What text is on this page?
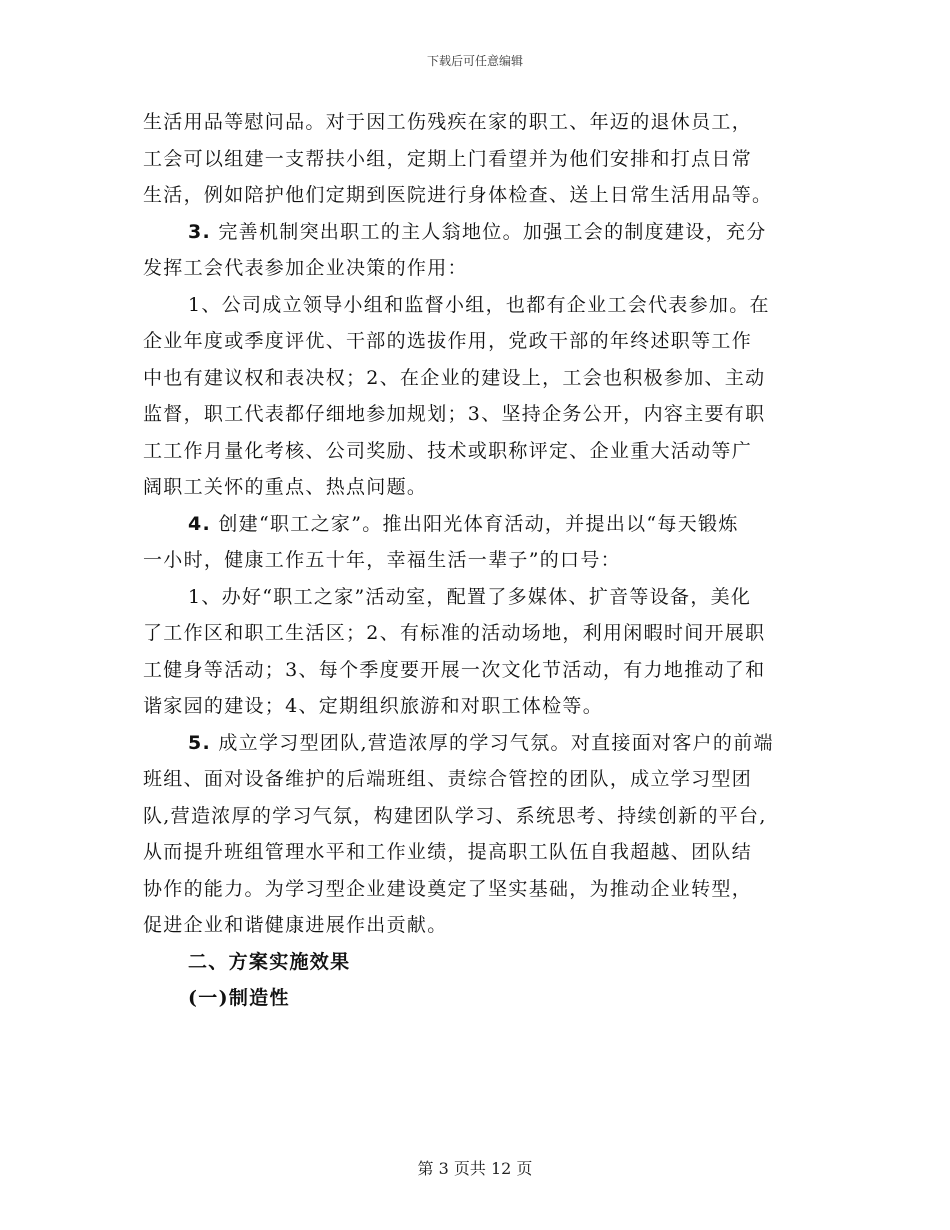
下载后可任意编辑
生活用品等慰问品。对于因工伤残疾在家的职工、年迈的退休员工，
工会可以组建一支帮扶小组，定期上门看望并为他们安排和打点日常
生活，例如陪护他们定期到医院进行身体检查、送上日常生活用品等。
3. 完善机制突出职工的主人翁地位。加强工会的制度建设，充分
发挥工会代表参加企业决策的作用：
1、公司成立领导小组和监督小组，也都有企业工会代表参加。在
企业年度或季度评优、干部的选拔作用，党政干部的年终述职等工作
中也有建议权和表决权；2、在企业的建设上，工会也积极参加、主动
监督，职工代表都仔细地参加规划；3、坚持企务公开，内容主要有职
工工作月量化考核、公司奖励、技术或职称评定、企业重大活动等广
阔职工关怀的重点、热点问题。
4. 创建“职工之家”。推出阳光体育活动，并提出以“每天锻炼
一小时，健康工作五十年，幸福生活一辈子”的口号：
1、办好“职工之家”活动室，配置了多媒体、扩音等设备，美化
了工作区和职工生活区；2、有标准的活动场地，利用闲暇时间开展职
工健身等活动；3、每个季度要开展一次文化节活动，有力地推动了和
谐家园的建设；4、定期组织旅游和对职工体检等。
5. 成立学习型团队,营造浓厚的学习气氛。对直接面对客户的前端
班组、面对设备维护的后端班组、责综合管控的团队，成立学习型团
队,营造浓厚的学习气氛，构建团队学习、系统思考、持续创新的平台,
从而提升班组管理水平和工作业绩，提高职工队伍自我超越、团队结
协作的能力。为学习型企业建设奠定了坚实基础，为推动企业转型，
促进企业和谐健康进展作出贡献。
二、方案实施效果
(一)制造性
第 3 页共 12 页
